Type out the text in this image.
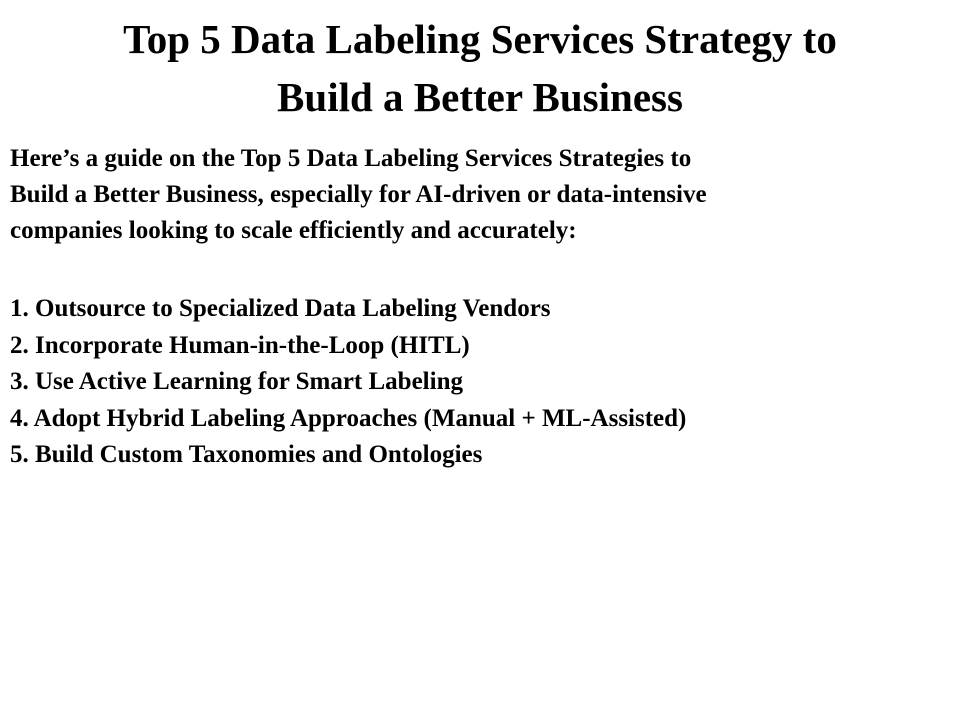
Top 5 Data Labeling Services Strategy to
Build a Better Business

Here’s a guide on the Top 5 Data Labeling Services Strategies to
Build a Better Business, especially for AI-driven or data-intensive
companies looking to scale efficiently and accurately:

1. Outsource to Specialized Data Labeling Vendors
2. Incorporate Human-in-the-Loop (HITL)
3. Use Active Learning for Smart Labeling
4. Adopt Hybrid Labeling Approaches (Manual + ML-Assisted)
5. Build Custom Taxonomies and Ontologies
